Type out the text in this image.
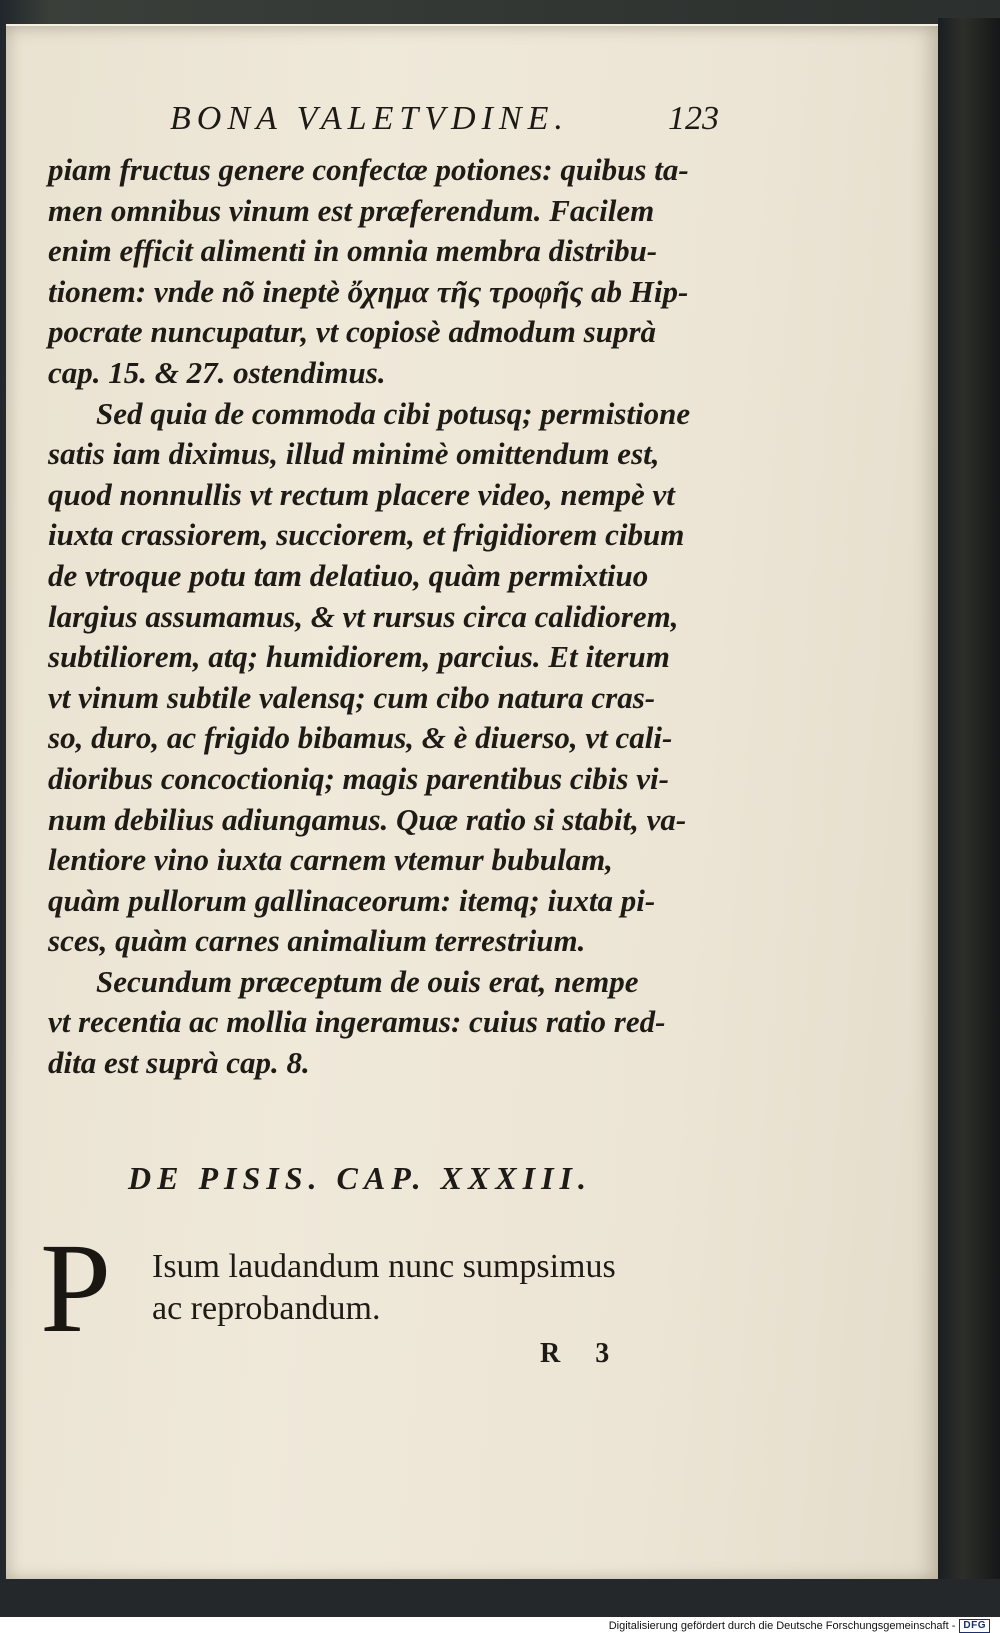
BONA VALETVDINE.	123
piam fructus genere confectæ potiones: quibus ta-
men omnibus vinum est præferendum. Facilem
enim efficit alimenti in omnia membra distribu-
tionem: vnde nõ ineptè ὄχημα τῆς τροφῆς ab Hip-
pocrate nuncupatur, vt copiosè admodum suprà
cap. 15. & 27. ostendimus.
Sed quia de commoda cibi potusq; permistione
satis iam diximus, illud minimè omittendum est,
quod nonnullis vt rectum placere video, nempè vt
iuxta crassiorem, succiorem, et frigidiorem cibum
de vtroque potu tam delatiuo, quàm permixtiuo
largius assumamus, & vt rursus circa calidiorem,
subtiliorem, atq; humidiorem, parcius. Et iterum
vt vinum subtile valensq; cum cibo natura cras-
so, duro, ac frigido bibamus, & è diuerso, vt cali-
dioribus concoctioniq; magis parentibus cibis vi-
num debilius adiungamus. Quæ ratio si stabit, va-
lentiore vino iuxta carnem vtemur bubulam,
quàm pullorum gallinaceorum: itemq; iuxta pi-
sces, quàm carnes animalium terrestrium.
Secundum præceptum de ouis erat, nempe
vt recentia ac mollia ingeramus: cuius ratio red-
dita est suprà cap. 8.
DE PISIS. CAP. XXXIII.
P	Isum laudandum nunc sumpsimus
ac reprobandum.
R 3
Digitalisierung gefördert durch die Deutsche Forschungsgemeinschaft - DFG
